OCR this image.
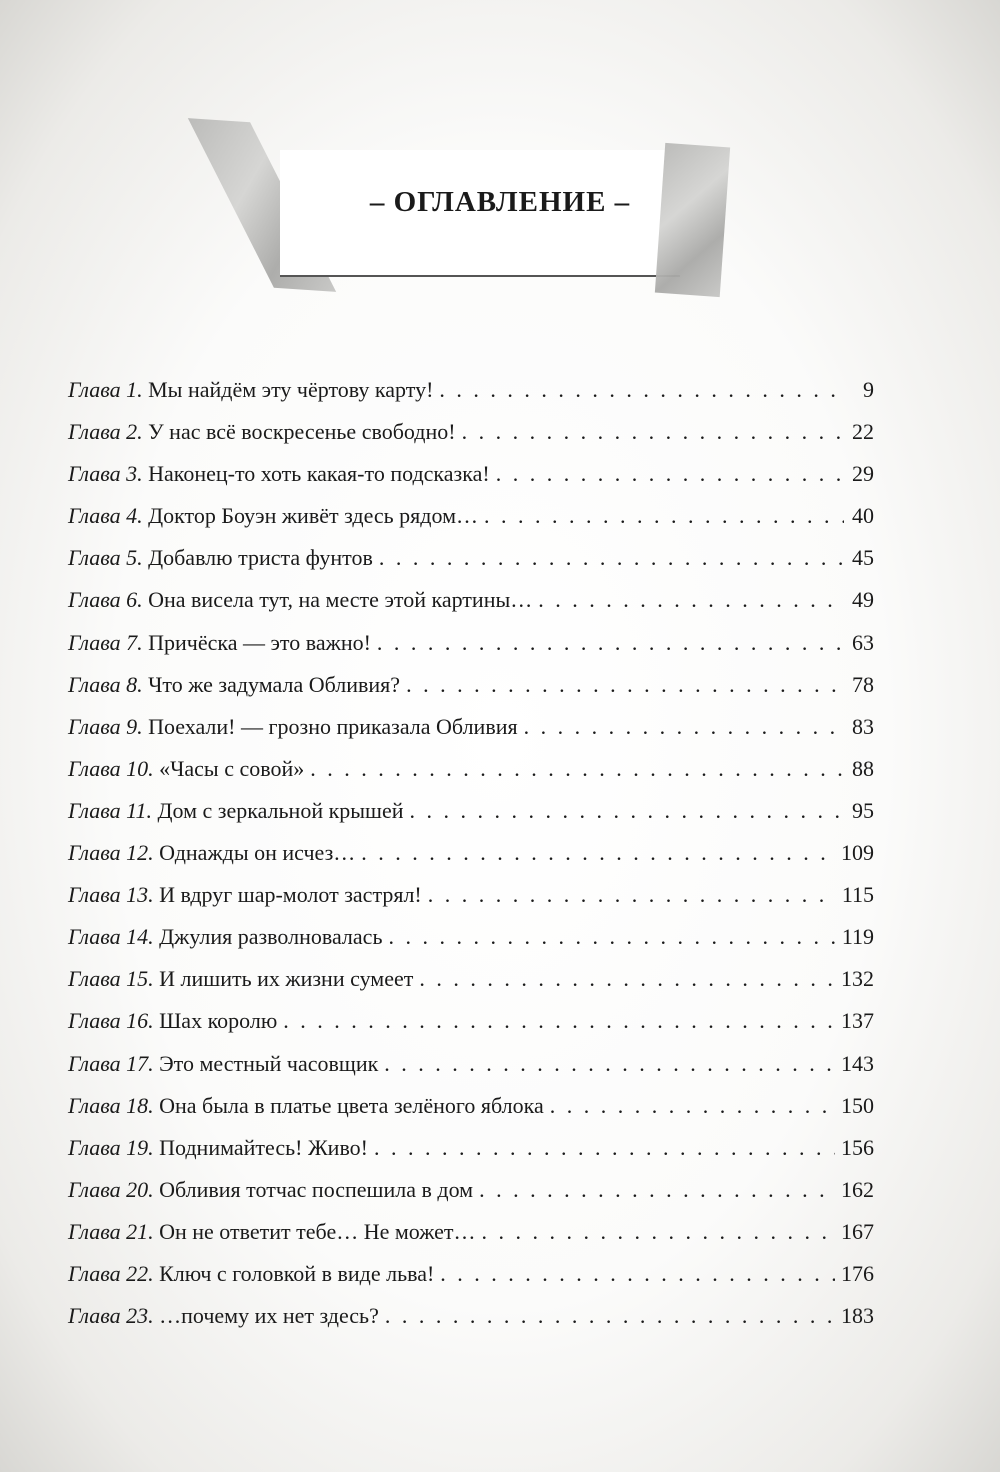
– ОГЛАВЛЕНИЕ –
Глава 1. Мы найдём эту чёртову карту! . . .	9
Глава 2. У нас всё воскресенье свободно! . . .	22
Глава 3. Наконец-то хоть какая-то подсказка! . . .	29
Глава 4. Доктор Боуэн живёт здесь рядом… . . .	40
Глава 5. Добавлю триста фунтов . . .	45
Глава 6. Она висела тут, на месте этой картины… . . .	49
Глава 7. Причёска — это важно! . . .	63
Глава 8. Что же задумала Обливия? . . .	78
Глава 9. Поехали! — грозно приказала Обливия . . .	83
Глава 10. «Часы с совой» . . .	88
Глава 11. Дом с зеркальной крышей . . .	95
Глава 12. Однажды он исчез… . . .	109
Глава 13. И вдруг шар-молот застрял! . . .	115
Глава 14. Джулия разволновалась . . .	119
Глава 15. И лишить их жизни сумеет . . .	132
Глава 16. Шах королю . . .	137
Глава 17. Это местный часовщик . . .	143
Глава 18. Она была в платье цвета зелёного яблока . . .	150
Глава 19. Поднимайтесь! Живо! . . .	156
Глава 20. Обливия тотчас поспешила в дом . . .	162
Глава 21. Он не ответит тебе… Не может… . . .	167
Глава 22. Ключ с головкой в виде льва! . . .	176
Глава 23. …почему их нет здесь? . . .	183
